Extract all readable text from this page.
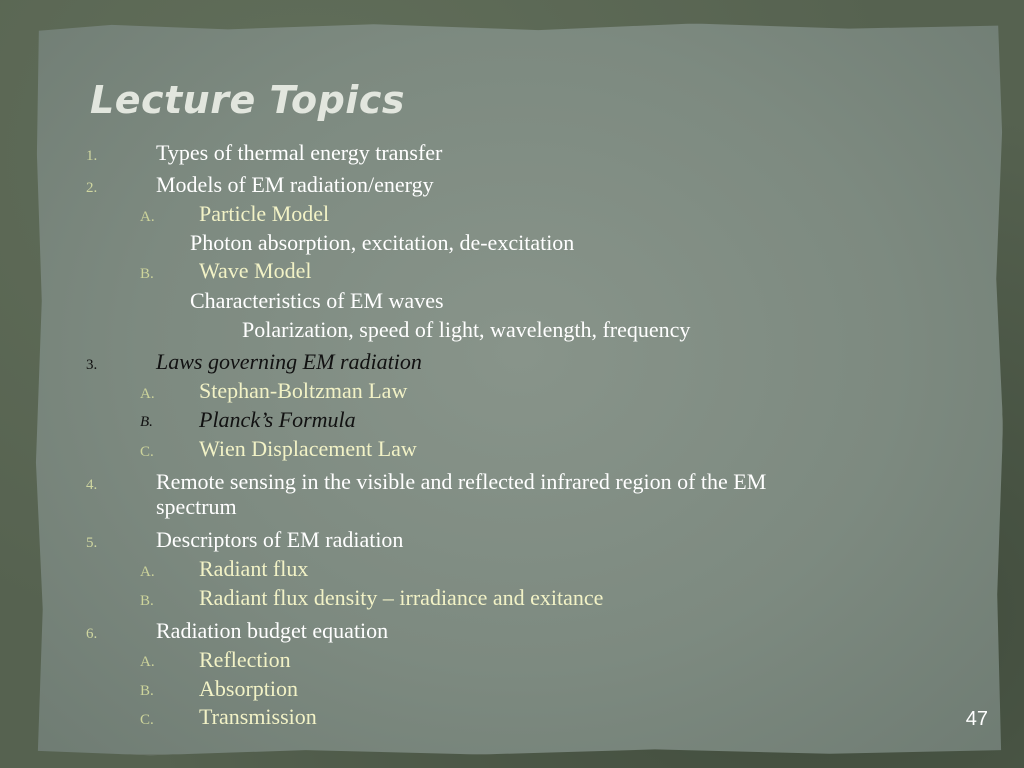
Lecture Topics
1.	Types of thermal energy transfer
2.	Models of EM radiation/energy
A. Particle Model
Photon absorption, excitation, de-excitation
B. Wave Model
Characteristics of EM waves
Polarization, speed of light, wavelength, frequency
3.	Laws governing EM radiation
A. Stephan-Boltzman Law
B. Planck’s Formula
C. Wien Displacement Law
4.	Remote sensing in the visible and reflected infrared region of the EM
spectrum
5.	Descriptors of EM radiation
A. Radiant flux
B. Radiant flux density – irradiance and exitance
6.	Radiation budget equation
A. Reflection
B. Absorption
C. Transmission	47
